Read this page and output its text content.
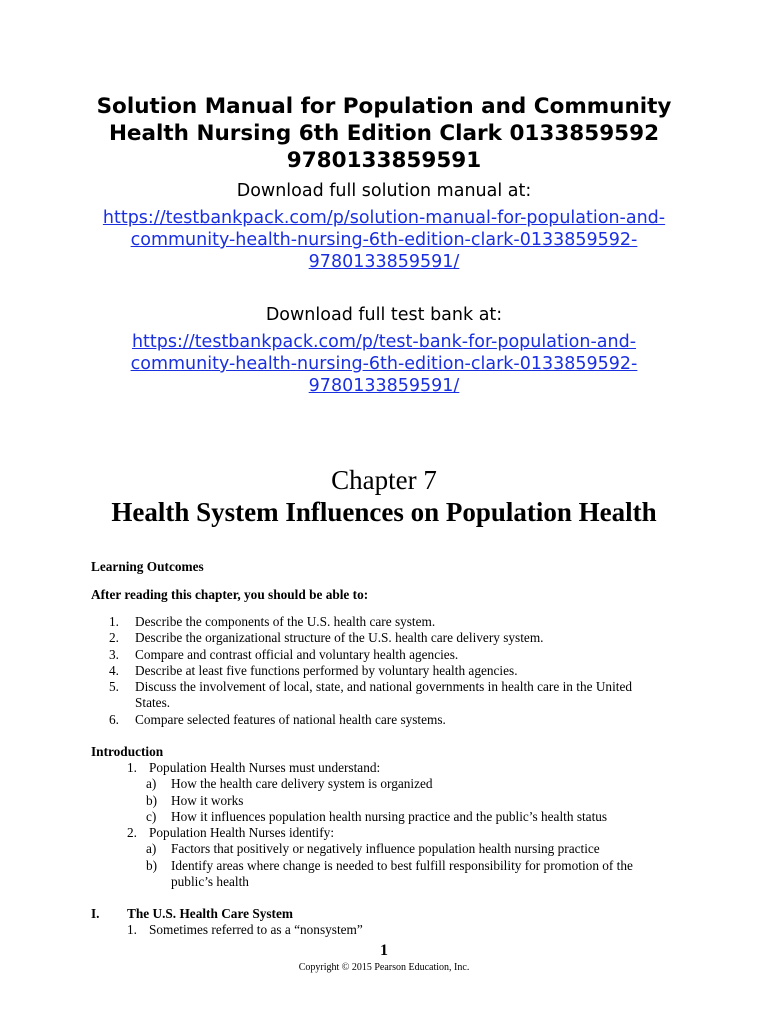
Solution Manual for Population and Community
Health Nursing 6th Edition Clark 0133859592
9780133859591
Download full solution manual at:
https://testbankpack.com/p/solution-manual-for-population-and-
community-health-nursing-6th-edition-clark-0133859592-
9780133859591/
Download full test bank at:
https://testbankpack.com/p/test-bank-for-population-and-
community-health-nursing-6th-edition-clark-0133859592-
9780133859591/
Chapter 7
Health System Influences on Population Health
Learning Outcomes
After reading this chapter, you should be able to:
1.	Describe the components of the U.S. health care system.
2.	Describe the organizational structure of the U.S. health care delivery system.
3.	Compare and contrast official and voluntary health agencies.
4.	Describe at least five functions performed by voluntary health agencies.
5.	Discuss the involvement of local, state, and national governments in health care in the United States.
6.	Compare selected features of national health care systems.
Introduction
1. Population Health Nurses must understand:
a)	How the health care delivery system is organized
b)	How it works
c)	How it influences population health nursing practice and the public’s health status
2. Population Health Nurses identify:
a)	Factors that positively or negatively influence population health nursing practice
b)	Identify areas where change is needed to best fulfill responsibility for promotion of the public’s health
I.	The U.S. Health Care System
1. Sometimes referred to as a “nonsystem”
1
Copyright © 2015 Pearson Education, Inc.
